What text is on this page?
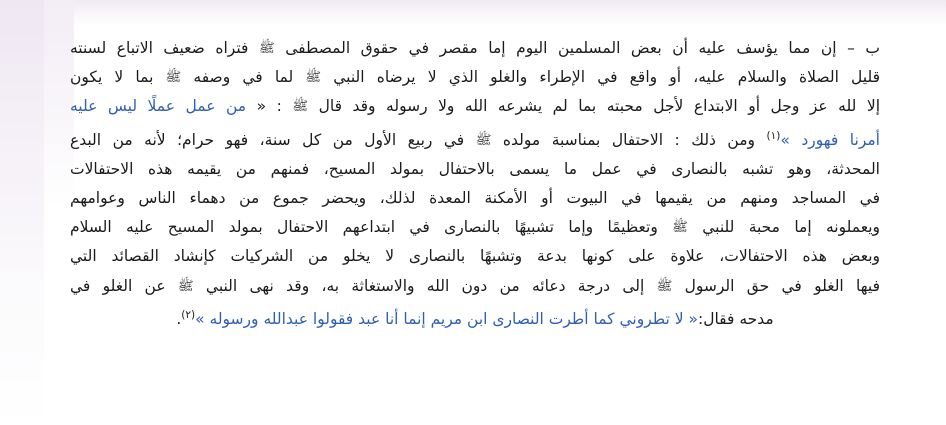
ب – إن مما يؤسف عليه أن بعض المسلمين اليوم إما مقصر في حقوق المصطفى ﷺ فتراه ضعيف الاتباع لسنته
قليل الصلاة والسلام عليه، أو واقع في الإطراء والغلو الذي لا يرضاه النبي ﷺ لما في وصفه ﷺ بما لا يكون
إلا لله عز وجل أو الابتداع لأجل محبته بما لم يشرعه الله ولا رسوله وقد قال ﷺ : « من عمل عملًا ليس عليه
أمرنا فهورد »$^{(١)}$ ومن ذلك : الاحتفال بمناسبة مولده ﷺ في ربيع الأول من كل سنة، فهو حرام؛ لأنه من البدع
المحدثة، وهو تشبه بالنصارى في عمل ما يسمى بالاحتفال بمولد المسيح، فمنهم من يقيمه هذه الاحتفالات
في المساجد ومنهم من يقيمها في البيوت أو الأمكنة المعدة لذلك، ويحضر جموع من دهماء الناس وعوامهم
ويعملونه إما محبة للنبي ﷺ وتعظيمًا وإما تشبيهًا بالنصارى في ابتداعهم الاحتفال بمولد المسيح عليه السلام
وبعض هذه الاحتفالات، علاوة على كونها بدعة وتشبهًا بالنصارى لا يخلو من الشركيات كإنشاد القصائد التي
فيها الغلو في حق الرسول ﷺ إلى درجة دعائه من دون الله والاستغاثة به، وقد نهى النبي ﷺ عن الغلو في
مدحه فقال:« لا تطروني كما أطرت النصارى ابن مريم إنما أنا عبد فقولوا عبدالله ورسوله »$^{(٢)}$.
